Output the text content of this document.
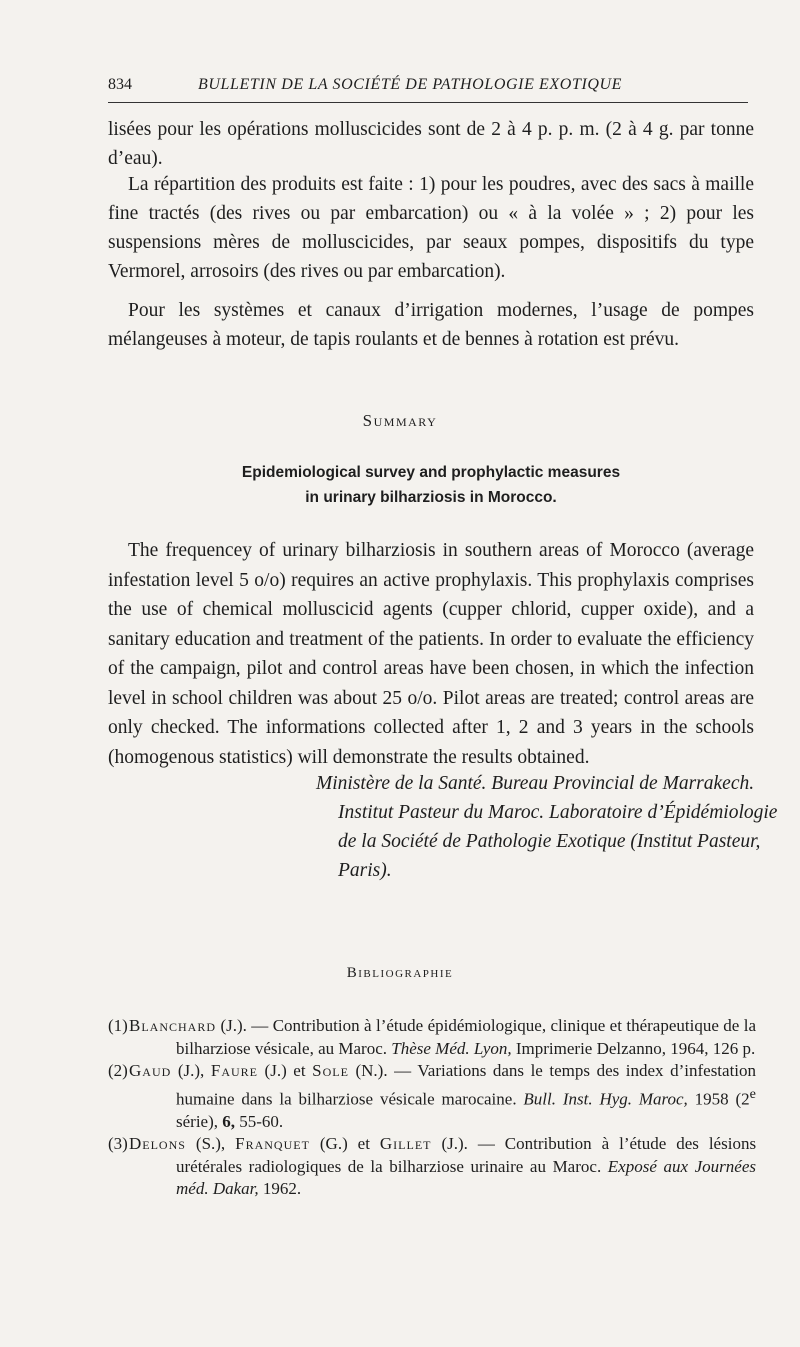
834	BULLETIN DE LA SOCIÉTÉ DE PATHOLOGIE EXOTIQUE

lisées pour les opérations molluscicides sont de 2 à 4 p. p. m. (2 à 4 g. par tonne d’eau).

La répartition des produits est faite : 1) pour les poudres, avec des sacs à maille fine tractés (des rives ou par embarcation) ou « à la volée » ; 2) pour les suspensions mères de molluscicides, par seaux pompes, dispositifs du type Vermorel, arrosoirs (des rives ou par embarcation).

Pour les systèmes et canaux d’irrigation modernes, l’usage de pompes mélangeuses à moteur, de tapis roulants et de bennes à rotation est prévu.

Summary

Epidemiological survey and prophylactic measures
in urinary bilharziosis in Morocco.

The frequencey of urinary bilharziosis in southern areas of Morocco (average infestation level 5 o/o) requires an active prophylaxis. This prophylaxis comprises the use of chemical molluscicid agents (cupper chlorid, cupper oxide), and a sanitary education and treatment of the patients. In order to evaluate the efficiency of the campaign, pilot and control areas have been chosen, in which the infection level in school children was about 25 o/o. Pilot areas are treated; control areas are only checked. The informations collected after 1, 2 and 3 years in the schools (homogenous statistics) will demonstrate the results obtained.

Ministère de la Santé. Bureau Provincial de Marrakech. Institut Pasteur du Maroc. Laboratoire d’Épidémiologie de la Société de Pathologie Exotique (Institut Pasteur, Paris).

Bibliographie
(1) Blanchard (J.). — Contribution à l’étude épidémiologique, clinique et thérapeutique de la bilharziose vésicale, au Maroc. Thèse Méd. Lyon, Imprimerie Delzanno, 1964, 126 p.
(2) Gaud (J.), Faure (J.) et Sole (N.). — Variations dans le temps des index d’infestation humaine dans la bilharziose vésicale marocaine. Bull. Inst. Hyg. Maroc, 1958 (2e série), 6, 55-60.
(3) Delons (S.), Franquet (G.) et Gillet (J.). — Contribution à l’étude des lésions urétérales radiologiques de la bilharziose urinaire au Maroc. Exposé aux Journées méd. Dakar, 1962.
